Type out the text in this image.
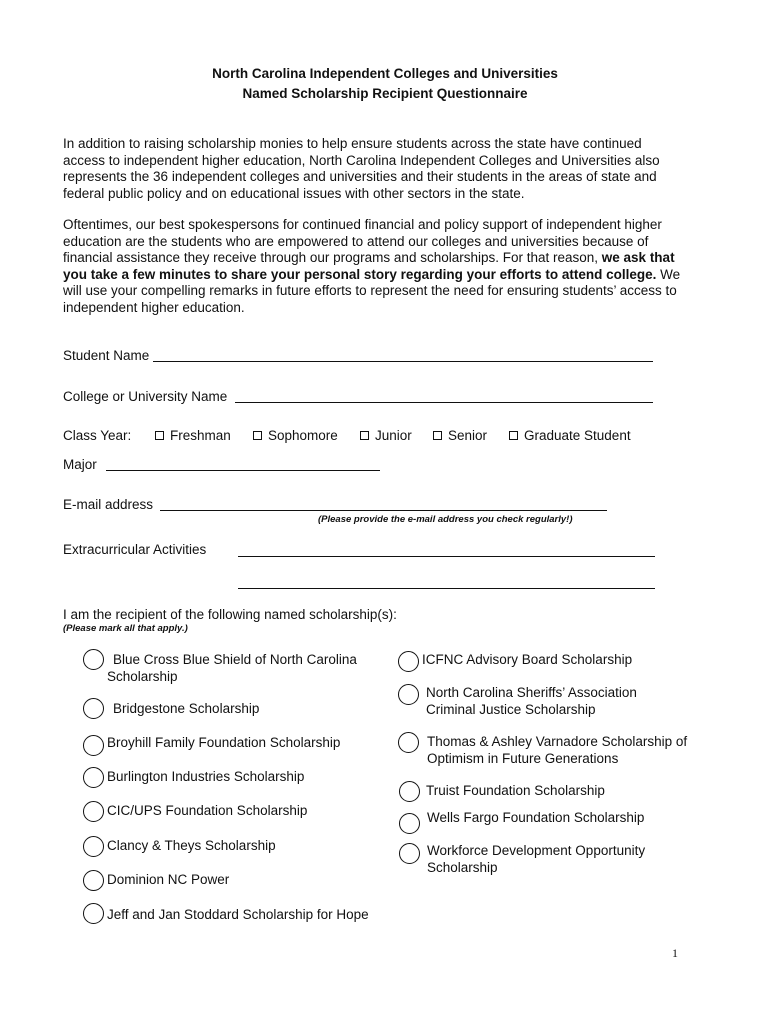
North Carolina Independent Colleges and Universities
Named Scholarship Recipient Questionnaire
In addition to raising scholarship monies to help ensure students across the state have continued access to independent higher education, North Carolina Independent Colleges and Universities also represents the 36 independent colleges and universities and their students in the areas of state and federal public policy and on educational issues with other sectors in the state.
Oftentimes, our best spokespersons for continued financial and policy support of independent higher education are the students who are empowered to attend our colleges and universities because of financial assistance they receive through our programs and scholarships. For that reason, we ask that you take a few minutes to share your personal story regarding your efforts to attend college. We will use your compelling remarks in future efforts to represent the need for ensuring students’ access to independent higher education.
Student Name
College or University Name
Class Year:	Freshman	Sophomore	Junior	Senior	Graduate Student
Major
E-mail address
(Please provide the e-mail address you check regularly!)
Extracurricular Activities
I am the recipient of the following named scholarship(s):
(Please mark all that apply.)
Blue Cross Blue Shield of North Carolina Scholarship
Bridgestone Scholarship
Broyhill Family Foundation Scholarship
Burlington Industries Scholarship
CIC/UPS Foundation Scholarship
Clancy & Theys Scholarship
Dominion NC Power
Jeff and Jan Stoddard Scholarship for Hope
ICFNC Advisory Board Scholarship
North Carolina Sheriffs’ Association Criminal Justice Scholarship
Thomas & Ashley Varnadore Scholarship of Optimism in Future Generations
Truist Foundation Scholarship
Wells Fargo Foundation Scholarship
Workforce Development Opportunity Scholarship
1
